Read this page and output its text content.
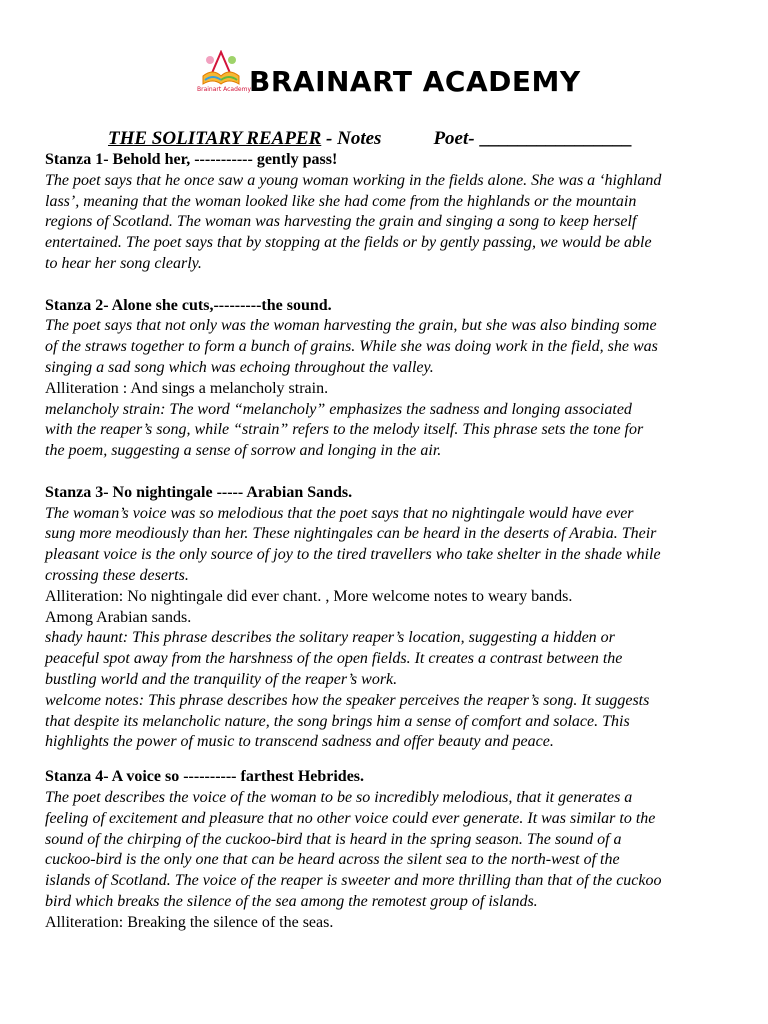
Brainart Academy
BRAINART ACADEMY
THE SOLITARY REAPER - Notes	Poet- ________________
Stanza 1- Behold her, ----------- gently pass!
The poet says that he once saw a young woman working in the fields alone. She was a ‘highland
lass’, meaning that the woman looked like she had come from the highlands or the mountain
regions of Scotland. The woman was harvesting the grain and singing a song to keep herself
entertained. The poet says that by stopping at the fields or by gently passing, we would be able
to hear her song clearly.
Stanza 2- Alone she cuts,---------the sound.
The poet says that not only was the woman harvesting the grain, but she was also binding some
of the straws together to form a bunch of grains. While she was doing work in the field, she was
singing a sad song which was echoing throughout the valley.
Alliteration : And sings a melancholy strain.
melancholy strain: The word “melancholy” emphasizes the sadness and longing associated
with the reaper’s song, while “strain” refers to the melody itself. This phrase sets the tone for
the poem, suggesting a sense of sorrow and longing in the air.
Stanza 3- No nightingale ----- Arabian Sands.
The woman’s voice was so melodious that the poet says that no nightingale would have ever
sung more meodiously than her. These nightingales can be heard in the deserts of Arabia. Their
pleasant voice is the only source of joy to the tired travellers who take shelter in the shade while
crossing these deserts.
Alliteration: No nightingale did ever chant. , More welcome notes to weary bands.
Among Arabian sands.
shady haunt: This phrase describes the solitary reaper’s location, suggesting a hidden or
peaceful spot away from the harshness of the open fields. It creates a contrast between the
bustling world and the tranquility of the reaper’s work.
welcome notes: This phrase describes how the speaker perceives the reaper’s song. It suggests
that despite its melancholic nature, the song brings him a sense of comfort and solace. This
highlights the power of music to transcend sadness and offer beauty and peace.
Stanza 4- A voice so ---------- farthest Hebrides.
The poet describes the voice of the woman to be so incredibly melodious, that it generates a
feeling of excitement and pleasure that no other voice could ever generate. It was similar to the
sound of the chirping of the cuckoo-bird that is heard in the spring season. The sound of a
cuckoo-bird is the only one that can be heard across the silent sea to the north-west of the
islands of Scotland. The voice of the reaper is sweeter and more thrilling than that of the cuckoo
bird which breaks the silence of the sea among the remotest group of islands.
Alliteration: Breaking the silence of the seas.
